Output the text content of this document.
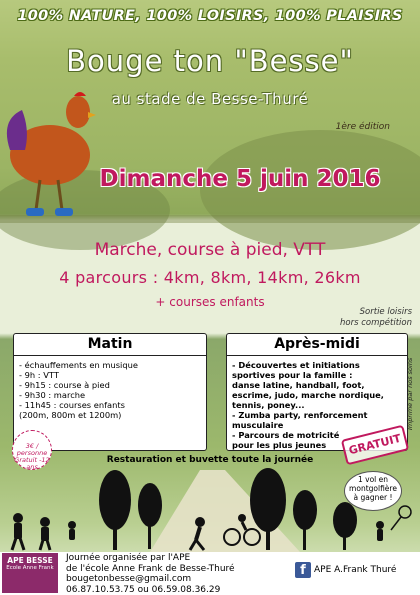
100% NATURE, 100% LOISIRS, 100% PLAISIRS
Bouge ton "Besse"
au stade de Besse-Thuré
1ère édition
Dimanche 5 juin 2016
Marche, course à pied, VTT
4 parcours : 4km, 8km, 14km, 26km
+ courses enfants
Sortie loisirs
hors compétition
Matin
- échauffements en musique
- 9h : VTT
- 9h15 : course à pied
- 9h30 : marche
- 11h45 : courses enfants
(200m, 800m et 1200m)
Après-midi
- Découvertes et initiations
sportives pour la famille :
danse latine, handball, foot,
escrime, judo, marche nordique,
tennis, poney...
- Zumba party, renforcement
musculaire
- Parcours de motricité
pour les plus jeunes
3€ / personne
Gratuit -12 ans
GRATUIT
Imprimé par nos soins
Restauration et buvette toute la journée
1 vol en
montgolfière
à gagner !
APE BESSE
Ecole Anne Frank
Journée organisée par l'APE
de l'école Anne Frank de Besse-Thuré
bougetonbesse@gmail.com
06.87.10.53.75 ou 06.59.08.36.29
f APE A.Frank Thuré
